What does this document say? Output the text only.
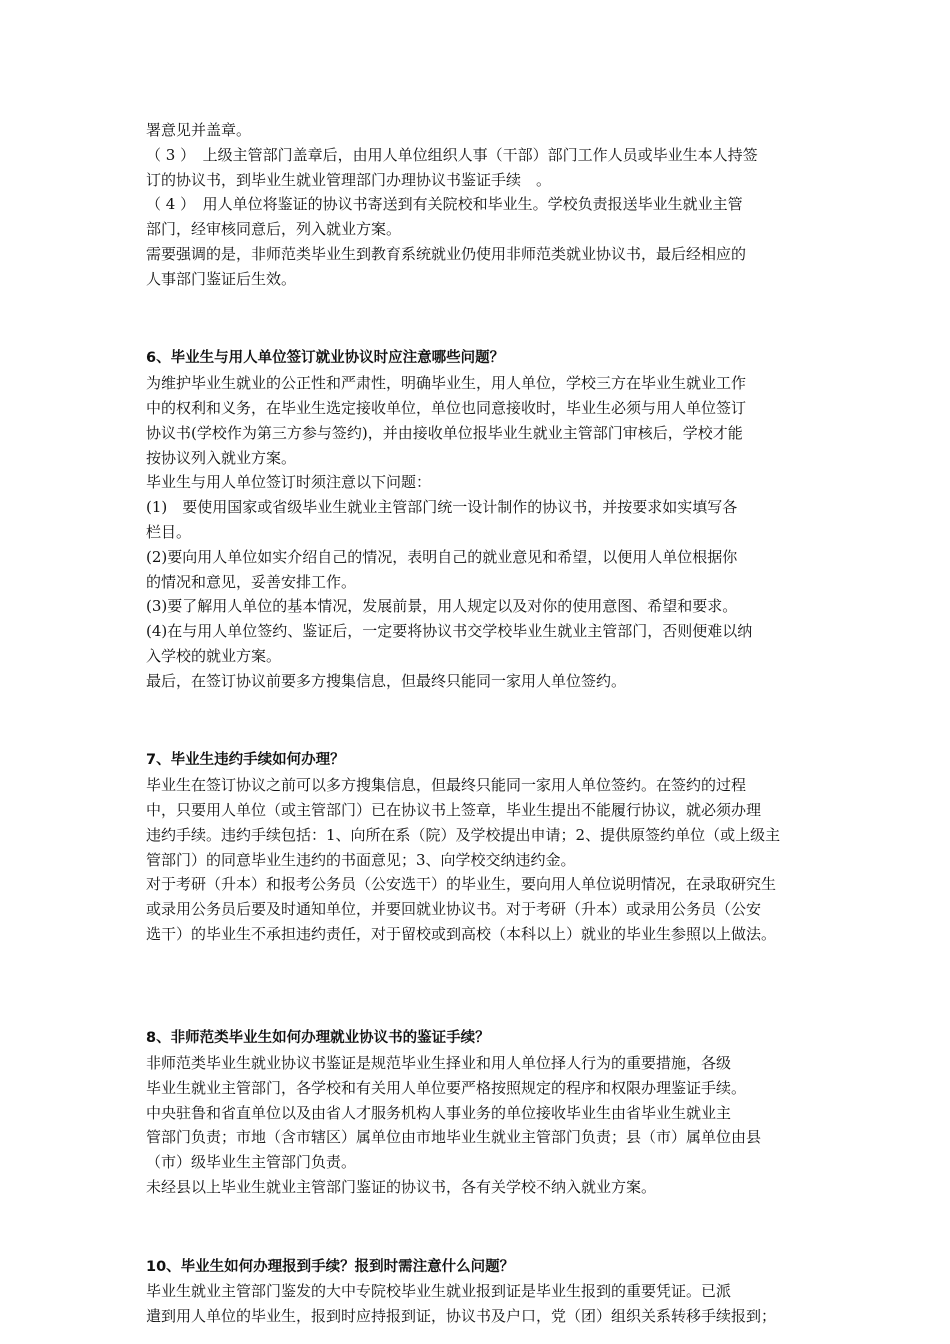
署意见并盖章。

（ 3 ）　上级主管部门盖章后，由用人单位组织人事（干部）部门工作人员或毕业生本人持签

订的协议书，到毕业生就业管理部门办理协议书鉴证手续　。

（ 4 ）　用人单位将鉴证的协议书寄送到有关院校和毕业生。学校负责报送毕业生就业主管

部门，经审核同意后，列入就业方案。

需要强调的是，非师范类毕业生到教育系统就业仍使用非师范类就业协议书，最后经相应的

人事部门鉴证后生效。

6、毕业生与用人单位签订就业协议时应注意哪些问题？

为维护毕业生就业的公正性和严肃性，明确毕业生，用人单位，学校三方在毕业生就业工作

中的权利和义务，在毕业生选定接收单位，单位也同意接收时，毕业生必须与用人单位签订

协议书(学校作为第三方参与签约)，并由接收单位报毕业生就业主管部门审核后，学校才能

按协议列入就业方案。

毕业生与用人单位签订时须注意以下问题：

(1)　要使用国家或省级毕业生就业主管部门统一设计制作的协议书，并按要求如实填写各

栏目。

(2)要向用人单位如实介绍自己的情况，表明自己的就业意见和希望，以便用人单位根据你

的情况和意见，妥善安排工作。

(3)要了解用人单位的基本情况，发展前景，用人规定以及对你的使用意图、希望和要求。

(4)在与用人单位签约、鉴证后，一定要将协议书交学校毕业生就业主管部门，否则便难以纳

入学校的就业方案。

最后，在签订协议前要多方搜集信息，但最终只能同一家用人单位签约。

7、毕业生违约手续如何办理？

毕业生在签订协议之前可以多方搜集信息，但最终只能同一家用人单位签约。在签约的过程

中，只要用人单位（或主管部门）已在协议书上签章，毕业生提出不能履行协议，就必须办理

违约手续。违约手续包括：1、向所在系（院）及学校提出申请；2、提供原签约单位（或上级主

管部门）的同意毕业生违约的书面意见；3、向学校交纳违约金。

对于考研（升本）和报考公务员（公安选干）的毕业生，要向用人单位说明情况，在录取研究生

或录用公务员后要及时通知单位，并要回就业协议书。对于考研（升本）或录用公务员（公安

选干）的毕业生不承担违约责任，对于留校或到高校（本科以上）就业的毕业生参照以上做法。

8、非师范类毕业生如何办理就业协议书的鉴证手续？

非师范类毕业生就业协议书鉴证是规范毕业生择业和用人单位择人行为的重要措施，各级

毕业生就业主管部门，各学校和有关用人单位要严格按照规定的程序和权限办理鉴证手续。

中央驻鲁和省直单位以及由省人才服务机构人事业务的单位接收毕业生由省毕业生就业主

管部门负责；市地（含市辖区）属单位由市地毕业生就业主管部门负责；县（市）属单位由县

（市）级毕业生主管部门负责。

未经县以上毕业生就业主管部门鉴证的协议书，各有关学校不纳入就业方案。

10、毕业生如何办理报到手续？报到时需注意什么问题？

毕业生就业主管部门鉴发的大中专院校毕业生就业报到证是毕业生报到的重要凭证。已派

遣到用人单位的毕业生，报到时应持报到证，协议书及户口，党（团）组织关系转移手续报到；
